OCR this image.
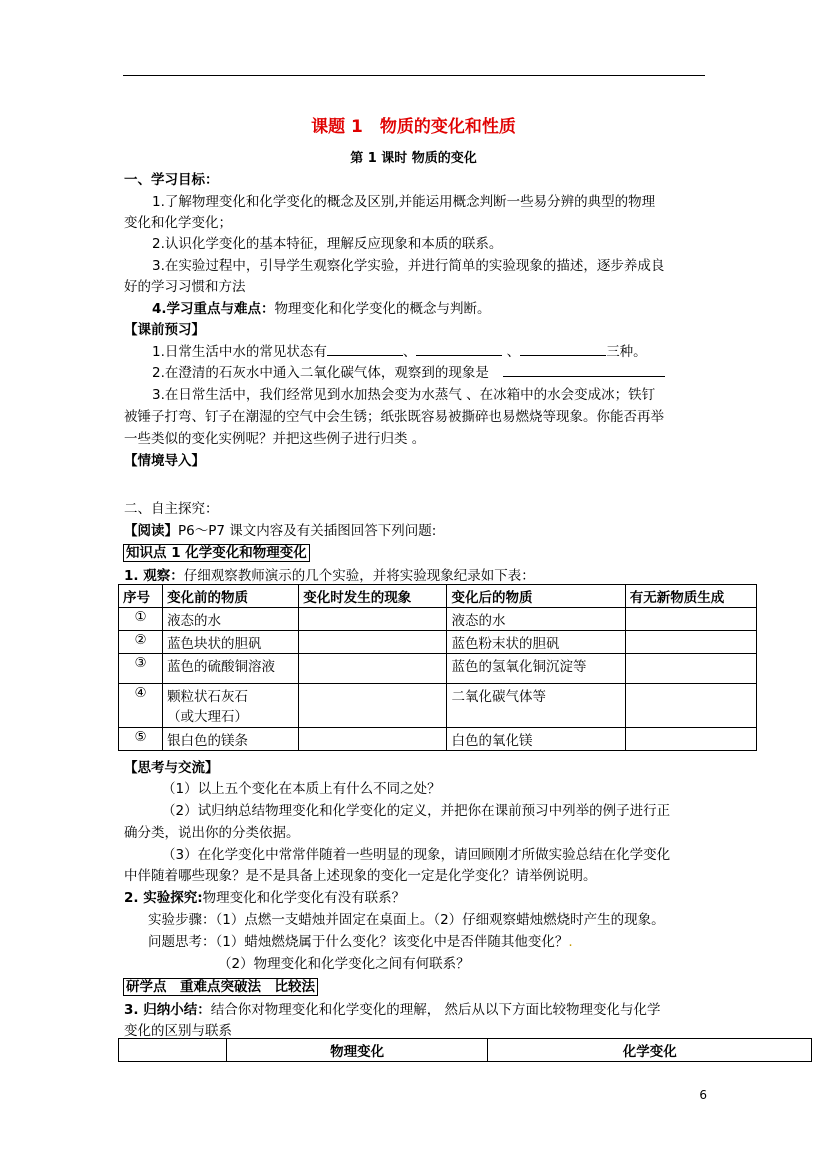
课题 1　物质的变化和性质
第 1 课时 物质的变化
一、学习目标：
1.了解物理变化和化学变化的概念及区别,并能运用概念判断一些易分辨的典型的物理
变化和化学变化；
2.认识化学变化的基本特征，理解反应现象和本质的联系。
3.在实验过程中，引导学生观察化学实验，并进行简单的实验现象的描述，逐步养成良
好的学习习惯和方法
4.学习重点与难点：物理变化和化学变化的概念与判断。
【课前预习】
1.日常生活中水的常见状态有	、	、	三种。
2.在澄清的石灰水中通入二氧化碳气体，观察到的现象是
3.在日常生活中，我们经常见到水加热会变为水蒸气 、在冰箱中的水会变成冰；铁钉
被锤子打弯、钉子在潮湿的空气中会生锈；纸张既容易被撕碎也易燃烧等现象。你能否再举
一些类似的变化实例呢？并把这些例子进行归类 。
【情境导入】
二、自主探究：
【阅读】P6～P7 课文内容及有关插图回答下列问题:
知识点 1 化学变化和物理变化
1. 观察：仔细观察教师演示的几个实验，并将实验现象纪录如下表：
序号	变化前的物质	变化时发生的现象	变化后的物质	有无新物质生成
①	液态的水		液态的水	
②	蓝色块状的胆矾		蓝色粉末状的胆矾	
③	蓝色的硫酸铜溶液		蓝色的氢氧化铜沉淀等	
④	颗粒状石灰石
（或大理石）		二氧化碳气体等	
⑤	银白色的镁条		白色的氧化镁	
【思考与交流】
（1）以上五个变化在本质上有什么不同之处？
（2）试归纳总结物理变化和化学变化的定义，并把你在课前预习中列举的例子进行正
确分类，说出你的分类依据。
（3）在化学变化中常常伴随着一些明显的现象，请回顾刚才所做实验总结在化学变化
中伴随着哪些现象？是不是具备上述现象的变化一定是化学变化？请举例说明。
2. 实验探究:物理变化和化学变化有没有联系？
实验步骤：（1）点燃一支蜡烛并固定在桌面上。（2）仔细观察蜡烛燃烧时产生的现象。
问题思考：（1）蜡烛燃烧属于什么变化？该变化中是否伴随其他变化？.
（2）物理变化和化学变化之间有何联系？
研学点　重难点突破法　比较法
3. 归纳小结：结合你对物理变化和化学变化的理解， 然后从以下方面比较物理变化与化学
变化的区别与联系
	物理变化	化学变化
6
